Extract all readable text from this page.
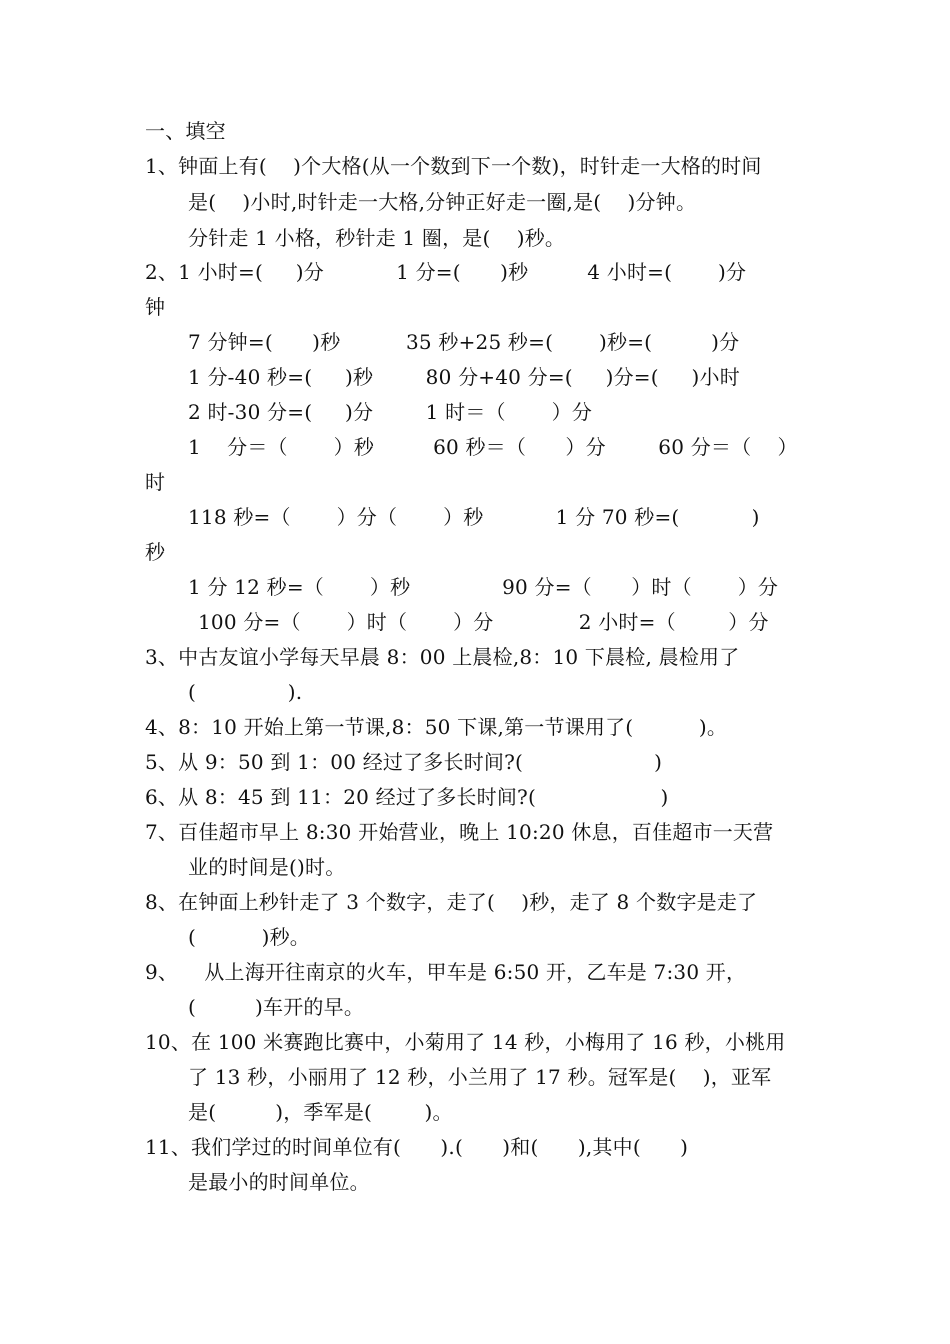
一、填空
1、钟面上有(    )个大格(从一个数到下一个数)，时针走一大格的时间
是(    )小时,时针走一大格,分钟正好走一圈,是(    )分钟。
分针走 1 小格，秒针走 1 圈，是(    )秒。
2、1 小时=(     )分           1 分=(      )秒         4 小时=(       )分
钟
7 分钟=(      )秒          35 秒+25 秒=(       )秒=(         )分
1 分-40 秒=(     )秒        80 分+40 分=(     )分=(     )小时
2 时-30 分=(     )分        1 时＝（       ）分
1    分＝（       ）秒         60 秒＝（      ）分        60 分＝（    ）
时
118 秒=（       ）分（       ）秒           1 分 70 秒=(           )
秒
1 分 12 秒=（       ）秒              90 分=（      ）时（       ）分
100 分=（       ）时（       ）分             2 小时=（        ）分
3、中古友谊小学每天早晨 8：00 上晨检,8：10 下晨检, 晨检用了
(              ).
4、8：10 开始上第一节课,8：50 下课,第一节课用了(          )。
5、从 9：50 到 1：00 经过了多长时间?(                    )
6、从 8：45 到 11：20 经过了多长时间?(                   )
7、百佳超市早上 8:30 开始营业，晚上 10:20 休息，百佳超市一天营
业的时间是()时。
8、在钟面上秒针走了 3 个数字，走了(    )秒，走了 8 个数字是走了
(          )秒。
9、    从上海开往南京的火车，甲车是 6:50 开，乙车是 7:30 开，
(         )车开的早。
10、在 100 米赛跑比赛中，小菊用了 14 秒，小梅用了 16 秒，小桃用
了 13 秒，小丽用了 12 秒，小兰用了 17 秒。冠军是(    )，亚军
是(         )，季军是(        )。
11、我们学过的时间单位有(      ).(      )和(      ),其中(      )
是最小的时间单位。
